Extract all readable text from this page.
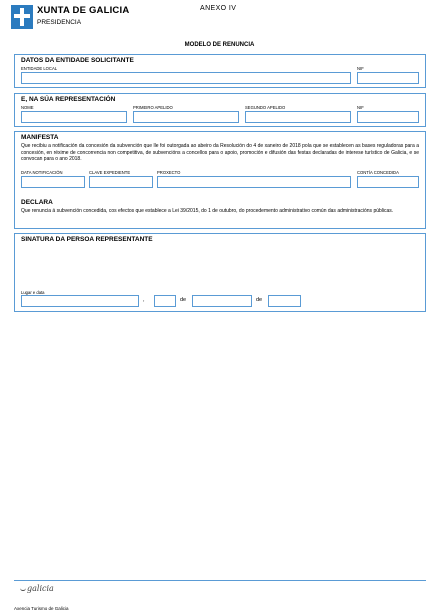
XUNTA DE GALICIA
PRESIDENCIA
ANEXO IV
MODELO DE RENUNCIA
DATOS DA ENTIDADE SOLICITANTE
ENTIDADE LOCAL	NIF
E, NA SÚA REPRESENTACIÓN
NOME	PRIMEIRO APELIDO	SEGUNDO APELIDO	NIF
MANIFESTA
Que recibiu a notificación da concesión da subvención que lle foi outorgada ao abeiro da Resolución do 4 de xaneiro de 2018 pola que se establecen as bases reguladoras para a concesión, en réxime de concorrencia non competitiva, de subvencións a concellos para o apoio, promoción e difusión das festas declaradas de interese turístico de Galicia, e se convocan para o ano 2018.
DATA NOTIFICACIÓN	CLAVE EXPEDIENTE	PROXECTO	CONTÍA CONCEDIDA
DECLARA
Que renuncia á subvención concedida, cos efectos que establece a Lei 39/2015, do 1 de outubro, do procedemento administrativo común das administracións públicas.
SINATURA DA PERSOA REPRESENTANTE
Lugar e data
,	de	de
galicia
Axencia Turismo de Galicia
